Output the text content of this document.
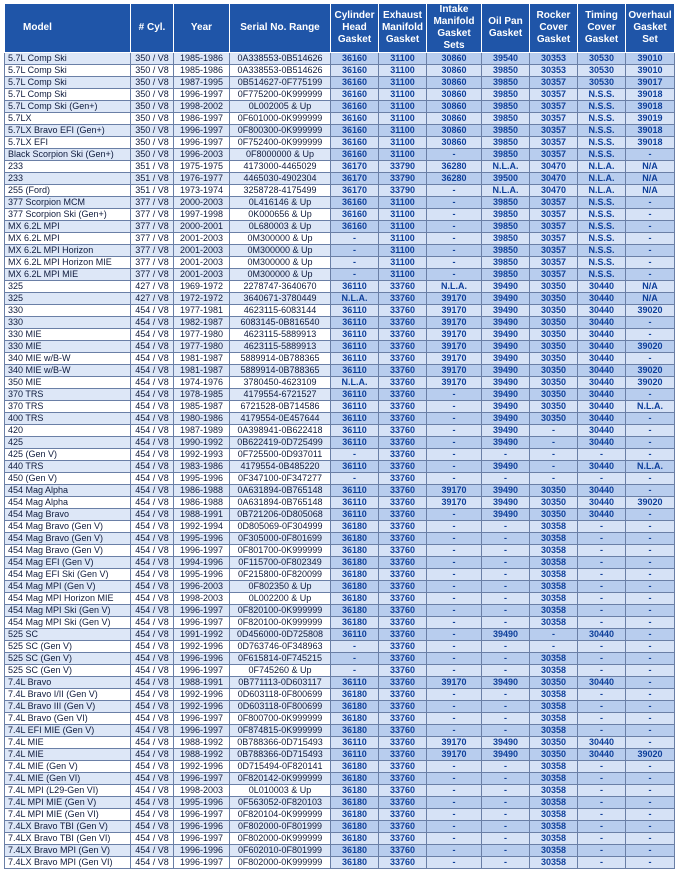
Model	# Cyl.	Year	Serial No. Range	Cylinder Head Gasket	Exhaust Manifold Gasket	Intake Manifold Gasket Sets	Oil Pan Gasket	Rocker Cover Gasket	Timing Cover Gasket	Overhaul Gasket Set
5.7L Comp Ski	350 / V8	1985-1986	0A338553-0B514626	36160	31100	30860	39540	30353	30530	39010
5.7L Comp Ski	350 / V8	1985-1986	0A338553-0B514626	36160	31100	30860	39850	30353	30530	39010
5.7L Comp Ski	350 / V8	1987-1995	0B514627-0F775199	36160	31100	30860	39850	30357	30530	39017
5.7L Comp Ski	350 / V8	1996-1997	0F775200-0K999999	36160	31100	30860	39850	30357	N.S.S.	39018
5.7L Comp Ski (Gen+)	350 / V8	1998-2002	0L002005 & Up	36160	31100	30860	39850	30357	N.S.S.	39018
5.7LX	350 / V8	1986-1997	0F601000-0K999999	36160	31100	30860	39850	30357	N.S.S.	39019
5.7LX Bravo EFI (Gen+)	350 / V8	1996-1997	0F800300-0K999999	36160	31100	30860	39850	30357	N.S.S.	39018
5.7LX EFI	350 / V8	1996-1997	0F752400-0K999999	36160	31100	30860	39850	30357	N.S.S.	39018
Black Scorpion Ski (Gen+)	350 / V8	1996-2003	0F8000000 & Up	36160	31100	-	39850	30357	N.S.S.	-
233	351 / V8	1975-1975	4173000-4465029	36170	33790	36280	N.L.A.	30470	N.L.A.	N/A
233	351 / V8	1976-1977	4465030-4902304	36170	33790	36280	39500	30470	N.L.A.	N/A
255 (Ford)	351 / V8	1973-1974	3258728-4175499	36170	33790	-	N.L.A.	30470	N.L.A.	N/A
377 Scorpion MCM	377 / V8	2000-2003	0L416146 & Up	36160	31100	-	39850	30357	N.S.S.	-
377 Scorpion Ski (Gen+)	377 / V8	1997-1998	0K000656 & Up	36160	31100	-	39850	30357	N.S.S.	-
MX 6.2L MPI	377 / V8	2000-2001	0L680003 & Up	36160	31100	-	39850	30357	N.S.S.	-
MX 6.2L MPI	377 / V8	2001-2003	0M300000 & Up	-	31100	-	39850	30357	N.S.S.	-
MX 6.2L MPI Horizon	377 / V8	2001-2003	0M300000 & Up	-	31100	-	39850	30357	N.S.S.	-
MX 6.2L MPI Horizon MIE	377 / V8	2001-2003	0M300000 & Up	-	31100	-	39850	30357	N.S.S.	-
MX 6.2L MPI MIE	377 / V8	2001-2003	0M300000 & Up	-	31100	-	39850	30357	N.S.S.	-
325	427 / V8	1969-1972	2278747-3640670	36110	33760	N.L.A.	39490	30350	30440	N/A
325	427 / V8	1972-1972	3640671-3780449	N.L.A.	33760	39170	39490	30350	30440	N/A
330	454 / V8	1977-1981	4623115-6083144	36110	33760	39170	39490	30350	30440	39020
330	454 / V8	1982-1987	6083145-0B816540	36110	33760	39170	39490	30350	30440	-
330 MIE	454 / V8	1977-1980	4623115-5889913	36110	33760	39170	39490	30350	30440	-
330 MIE	454 / V8	1977-1980	4623115-5889913	36110	33760	39170	39490	30350	30440	39020
340 MIE w/B-W	454 / V8	1981-1987	5889914-0B788365	36110	33760	39170	39490	30350	30440	-
340 MIE w/B-W	454 / V8	1981-1987	5889914-0B788365	36110	33760	39170	39490	30350	30440	39020
350 MIE	454 / V8	1974-1976	3780450-4623109	N.L.A.	33760	39170	39490	30350	30440	39020
370 TRS	454 / V8	1978-1985	4179554-6721527	36110	33760	-	39490	30350	30440	-
370 TRS	454 / V8	1985-1987	6721528-0B714586	36110	33760	-	39490	30350	30440	N.L.A.
400 TRS	454 / V8	1980-1986	4179554-0E457644	36110	33760	-	39490	30350	30440	-
420	454 / V8	1987-1989	0A398941-0B622418	36110	33760	-	39490	-	30440	-
425	454 / V8	1990-1992	0B622419-0D725499	36110	33760	-	39490	-	30440	-
425 (Gen V)	454 / V8	1992-1993	0F725500-0D937011	-	33760	-	-	-	-	-
440 TRS	454 / V8	1983-1986	4179554-0B485220	36110	33760	-	39490	-	30440	N.L.A.
450 (Gen V)	454 / V8	1995-1996	0F347100-0F347277	-	33760	-	-	-	-	-
454 Mag Alpha	454 / V8	1986-1988	0A631894-0B765148	36110	33760	39170	39490	30350	30440	-
454 Mag Alpha	454 / V8	1986-1988	0A631894-0B765148	36110	33760	39170	39490	30350	30440	39020
454 Mag Bravo	454 / V8	1988-1991	0B721206-0D805068	36110	33760	-	39490	30350	30440	-
454 Mag Bravo (Gen V)	454 / V8	1992-1994	0D805069-0F304999	36180	33760	-	-	30358	-	-
454 Mag Bravo (Gen V)	454 / V8	1995-1996	0F305000-0F801699	36180	33760	-	-	30358	-	-
454 Mag Bravo (Gen V)	454 / V8	1996-1997	0F801700-0K999999	36180	33760	-	-	30358	-	-
454 Mag EFI (Gen V)	454 / V8	1994-1996	0F115700-0F802349	36180	33760	-	-	30358	-	-
454 Mag EFI Ski (Gen V)	454 / V8	1995-1996	0F215800-0F820099	36180	33760	-	-	30358	-	-
454 Mag MPI (Gen V)	454 / V8	1996-2003	0F802350 & Up	36180	33760	-	-	30358	-	-
454 Mag MPI Horizon MIE	454 / V8	1998-2003	0L002200 & Up	36180	33760	-	-	30358	-	-
454 Mag MPI Ski (Gen V)	454 / V8	1996-1997	0F820100-0K999999	36180	33760	-	-	30358	-	-
454 Mag MPI Ski (Gen V)	454 / V8	1996-1997	0F820100-0K999999	36180	33760	-	-	30358	-	-
525 SC	454 / V8	1991-1992	0D456000-0D725808	36110	33760	-	39490	-	30440	-
525 SC (Gen V)	454 / V8	1992-1996	0D763746-0F348963	-	33760	-	-	-	-	-
525 SC (Gen V)	454 / V8	1996-1996	0F615814-0F745215	-	33760	-	-	30358	-	-
525 SC (Gen V)	454 / V8	1996-1997	0F745260 & Up	-	33760	-	-	30358	-	-
7.4L Bravo	454 / V8	1988-1991	0B771113-0D603117	36110	33760	39170	39490	30350	30440	-
7.4L Bravo I/II (Gen V)	454 / V8	1992-1996	0D603118-0F800699	36180	33760	-	-	30358	-	-
7.4L Bravo III (Gen V)	454 / V8	1992-1996	0D603118-0F800699	36180	33760	-	-	30358	-	-
7.4L Bravo (Gen VI)	454 / V8	1996-1997	0F800700-0K999999	36180	33760	-	-	30358	-	-
7.4L EFI MIE (Gen V)	454 / V8	1996-1997	0F874815-0K999999	36180	33760	-	-	30358	-	-
7.4L MIE	454 / V8	1988-1992	0B788366-0D715493	36110	33760	39170	39490	30350	30440	-
7.4L MIE	454 / V8	1988-1992	0B788366-0D715493	36110	33760	39170	39490	30350	30440	39020
7.4L MIE (Gen V)	454 / V8	1992-1996	0D715494-0F820141	36180	33760	-	-	30358	-	-
7.4L MIE (Gen VI)	454 / V8	1996-1997	0F820142-0K999999	36180	33760	-	-	30358	-	-
7.4L MPI (L29-Gen VI)	454 / V8	1998-2003	0L010003 & Up	36180	33760	-	-	30358	-	-
7.4L MPI MIE (Gen V)	454 / V8	1995-1996	0F563052-0F820103	36180	33760	-	-	30358	-	-
7.4L MPI MIE (Gen VI)	454 / V8	1996-1997	0F820104-0K999999	36180	33760	-	-	30358	-	-
7.4LX Bravo TBI (Gen V)	454 / V8	1996-1996	0F802000-0F801999	36180	33760	-	-	30358	-	-
7.4LX Bravo TBI (Gen VI)	454 / V8	1996-1997	0F802000-0K999999	36180	33760	-	-	30358	-	-
7.4LX Bravo MPI (Gen V)	454 / V8	1996-1996	0F602010-0F801999	36180	33760	-	-	30358	-	-
7.4LX Bravo MPI (Gen VI)	454 / V8	1996-1997	0F802000-0K999999	36180	33760	-	-	30358	-	-
